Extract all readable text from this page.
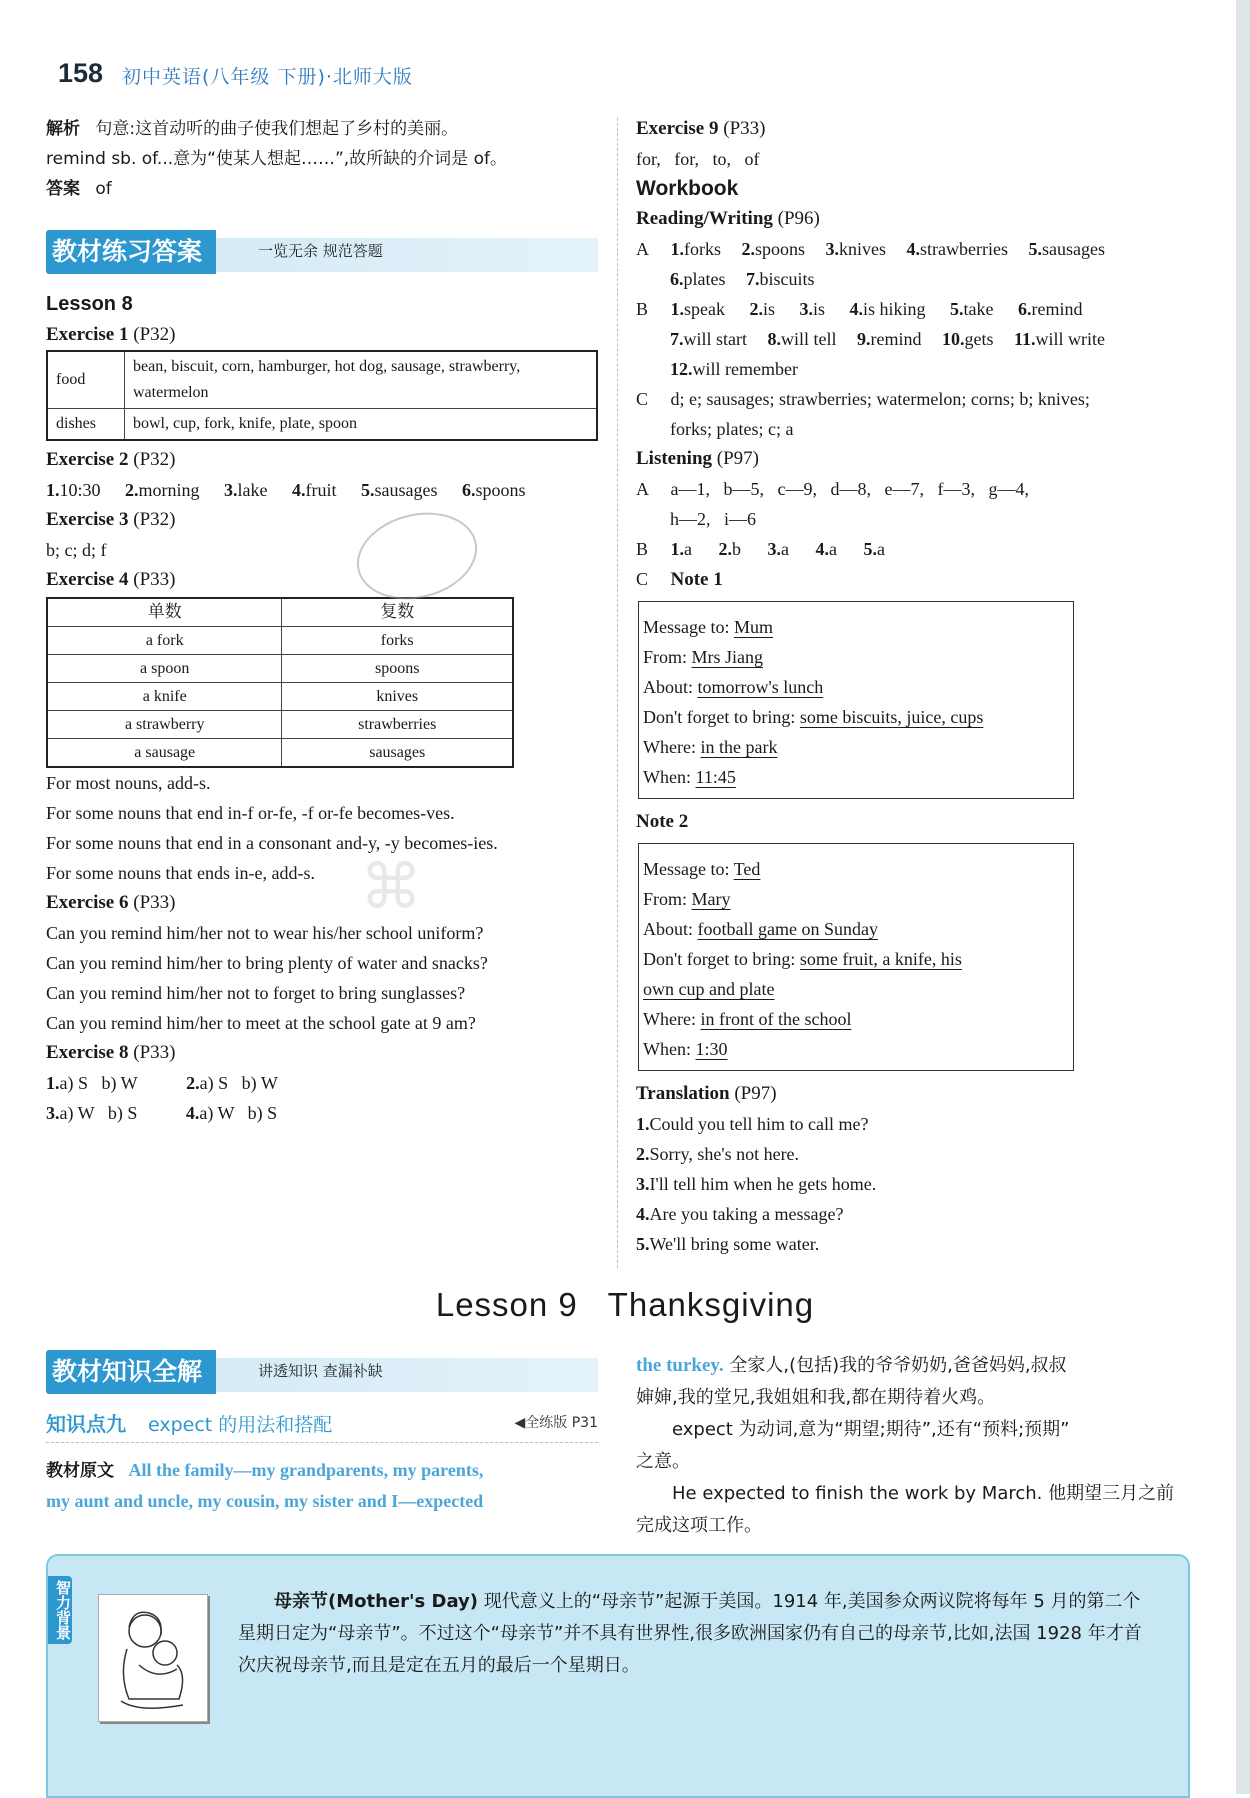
158 初中英语(八年级 下册)·北师大版
解析 句意:这首动听的曲子使我们想起了乡村的美丽。
remind sb. of...意为“使某人想起……”,故所缺的介词是 of。
答案 of
教材练习答案	一览无余 规范答题
Lesson 8
Exercise 1 (P32)
food	bean, biscuit, corn, hamburger, hot dog, sausage, strawberry, watermelon
dishes	bowl, cup, fork, knife, plate, spoon
Exercise 2 (P32)
1.10:30 2.morning 3.lake 4.fruit 5.sausages 6.spoons
Exercise 3 (P32)
b; c; d; f
Exercise 4 (P33)
单数	复数
a fork	forks
a spoon	spoons
a knife	knives
a strawberry	strawberries
a sausage	sausages
For most nouns, add-s.
For some nouns that end in-f or-fe, -f or-fe becomes-ves.
For some nouns that end in a consonant and-y, -y becomes-ies.
For some nouns that ends in-e, add-s.
Exercise 6 (P33)
Can you remind him/her not to wear his/her school uniform?
Can you remind him/her to bring plenty of water and snacks?
Can you remind him/her not to forget to bring sunglasses?
Can you remind him/her to meet at the school gate at 9 am?
Exercise 8 (P33)
1.a) S   b) W	2.a) S   b) W
3.a) W   b) S	4.a) W   b) S
Exercise 9 (P33)
for,   for,   to,   of
Workbook
Reading/Writing (P96)
A 1.forks 2.spoons 3.knives 4.strawberries 5.sausages
6.plates 7.biscuits
B 1.speak 2.is 3.is 4.is hiking 5.take 6.remind
7.will start 8.will tell 9.remind 10.gets 11.will write
12.will remember
C d; e; sausages; strawberries; watermelon; corns; b; knives;
forks; plates; c; a
Listening (P97)
A a—1,   b—5,   c—9,   d—8,   e—7,   f—3,   g—4,
h—2,   i—6
B 1.a 2.b 3.a 4.a 5.a
C Note 1
Message to: Mum
From: Mrs Jiang
About: tomorrow's lunch
Don't forget to bring: some biscuits, juice, cups
Where: in the park
When: 11:45
Note 2
Message to: Ted
From: Mary
About: football game on Sunday
Don't forget to bring: some fruit, a knife, his
own cup and plate
Where: in front of the school
When: 1:30
Translation (P97)
1.Could you tell him to call me?
2.Sorry, she's not here.
3.I'll tell him when he gets home.
4.Are you taking a message?
5.We'll bring some water.
⌘
Lesson 9   Thanksgiving
教材知识全解	讲透知识 查漏补缺
知识点九 expect 的用法和搭配	◀全练版 P31
教材原文 All the family—my grandparents, my parents,
my aunt and uncle, my cousin, my sister and I—expected

the turkey. 全家人,(包括)我的爷爷奶奶,爸爸妈妈,叔叔

婶婶,我的堂兄,我姐姐和我,都在期待着火鸡。

expect 为动词,意为“期望;期待”,还有“预料;预期”

之意。

He expected to finish the work by March. 他期望三月之前

完成这项工作。

智力背景	母亲节(Mother's Day) 现代意义上的“母亲节”起源于美国。1914 年,美国参众两议院将每年 5 月的第二个星期日定为“母亲节”。不过这个“母亲节”并不具有世界性,很多欧洲国家仍有自己的母亲节,比如,法国 1928 年才首次庆祝母亲节,而且是定在五月的最后一个星期日。
